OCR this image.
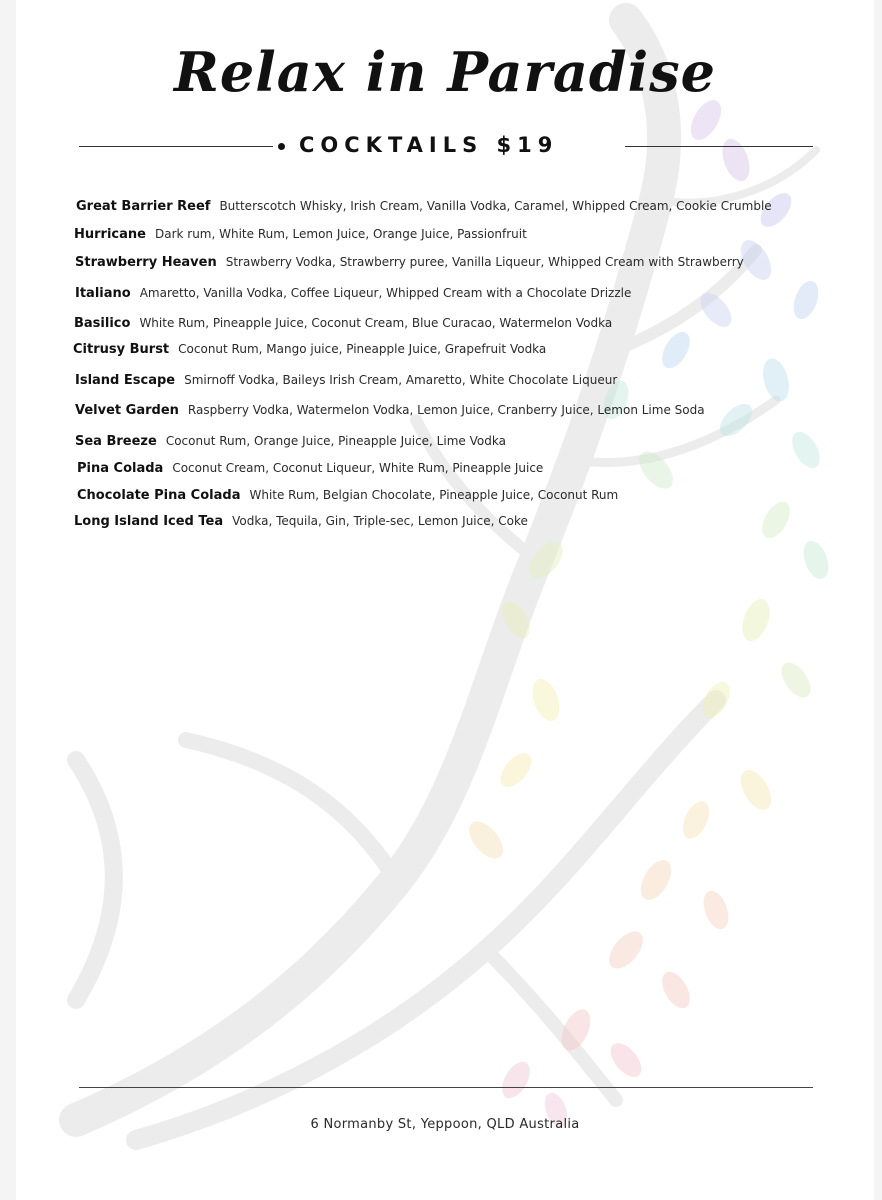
Relax in Paradise
COCKTAILS $19
Great Barrier Reef Butterscotch Whisky, Irish Cream, Vanilla Vodka, Caramel, Whipped Cream, Cookie Crumble
Hurricane Dark rum, White Rum, Lemon Juice, Orange Juice, Passionfruit
Strawberry Heaven Strawberry Vodka, Strawberry puree, Vanilla Liqueur, Whipped Cream with Strawberry
Italiano Amaretto, Vanilla Vodka, Coffee Liqueur, Whipped Cream with a Chocolate Drizzle
Basilico White Rum, Pineapple Juice, Coconut Cream, Blue Curacao, Watermelon Vodka
Citrusy Burst Coconut Rum, Mango juice, Pineapple Juice, Grapefruit Vodka
Island Escape Smirnoff Vodka, Baileys Irish Cream, Amaretto, White Chocolate Liqueur
Velvet Garden Raspberry Vodka, Watermelon Vodka, Lemon Juice, Cranberry Juice, Lemon Lime Soda
Sea Breeze Coconut Rum, Orange Juice, Pineapple Juice, Lime Vodka
Pina Colada Coconut Cream, Coconut Liqueur, White Rum, Pineapple Juice
Chocolate Pina Colada White Rum, Belgian Chocolate, Pineapple Juice, Coconut Rum
Long Island Iced Tea Vodka, Tequila, Gin, Triple-sec, Lemon Juice, Coke
6 Normanby St, Yeppoon, QLD Australia
